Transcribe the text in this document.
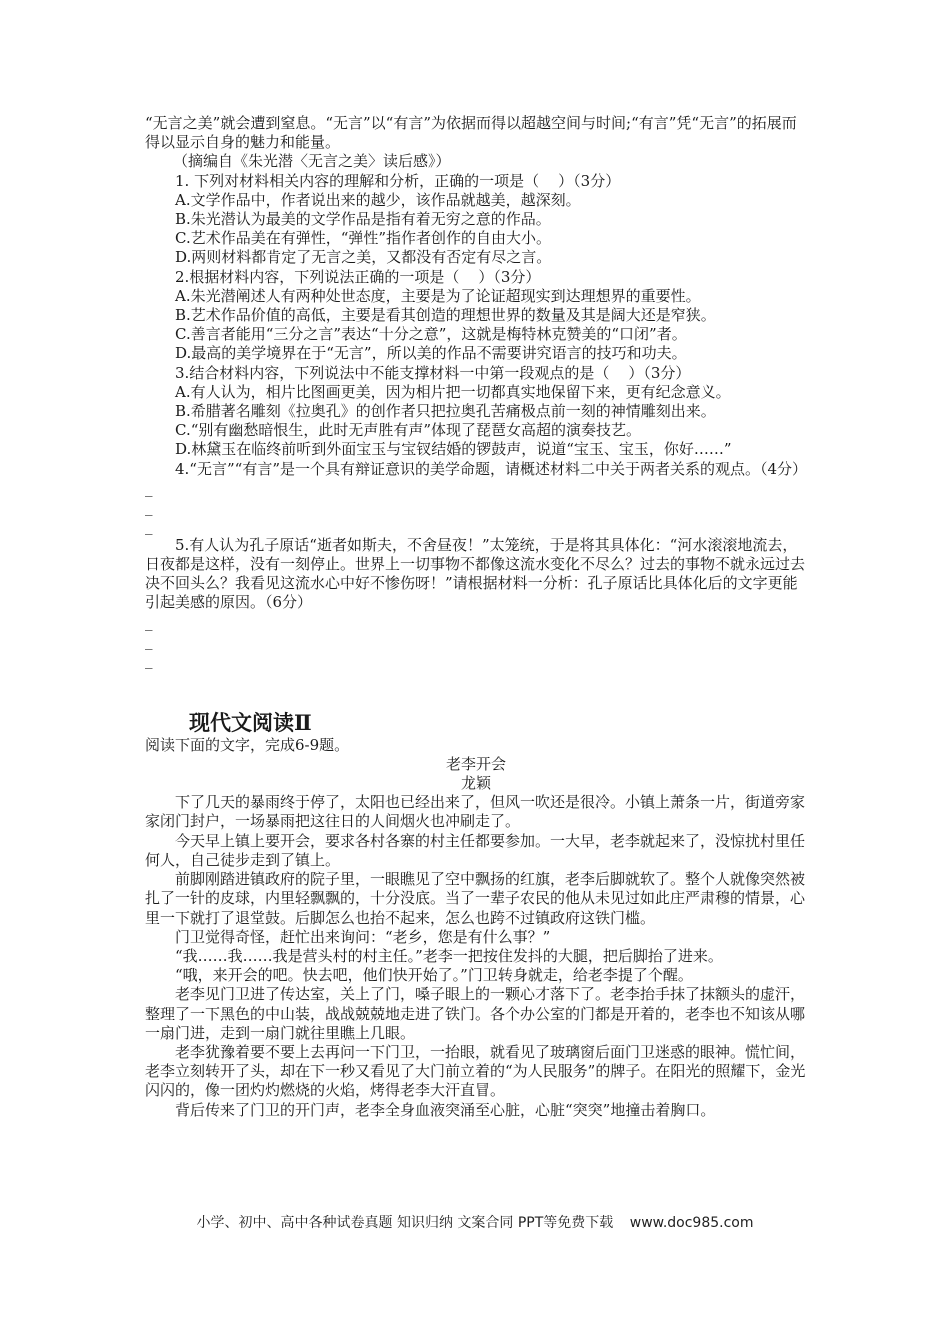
“无言之美”就会遭到窒息。“无言”以“有言”为依据而得以超越空间与时间;“有言”凭“无言”的拓展而得以显示自身的魅力和能量。

（摘编自《朱光潜〈无言之美〉读后感》）

1. 下列对材料相关内容的理解和分析，正确的一项是（    ）（3分）

A.文学作品中，作者说出来的越少，该作品就越美，越深刻。

B.朱光潜认为最美的文学作品是指有着无穷之意的作品。

C.艺术作品美在有弹性，“弹性”指作者创作的自由大小。

D.两则材料都肯定了无言之美，又都没有否定有尽之言。

2.根据材料内容，下列说法正确的一项是（    ）（3分）

A.朱光潜阐述人有两种处世态度，主要是为了论证超现实到达理想界的重要性。

B.艺术作品价值的高低，主要是看其创造的理想世界的数量及其是阔大还是窄狭。

C.善言者能用“三分之言”表达“十分之意”，这就是梅特林克赞美的“口闭”者。

D.最高的美学境界在于“无言”，所以美的作品不需要讲究语言的技巧和功夫。

3.结合材料内容，下列说法中不能支撑材料一中第一段观点的是（    ）（3分）

A.有人认为，相片比图画更美，因为相片把一切都真实地保留下来，更有纪念意义。

B.希腊著名雕刻《拉奥孔》的创作者只把拉奥孔苦痛极点前一刻的神情雕刻出来。

C.“别有幽愁暗恨生，此时无声胜有声”体现了琵琶女高超的演奏技艺。

D.林黛玉在临终前听到外面宝玉与宝钗结婚的锣鼓声，说道“宝玉、宝玉，你好……”

4.“无言”“有言”是一个具有辩证意识的美学命题，请概述材料二中关于两者关系的观点。（4分）

_

_

_

5.有人认为孔子原话“逝者如斯夫，不舍昼夜！”太笼统，于是将其具体化：“河水滚滚地流去，日夜都是这样，没有一刻停止。世界上一切事物不都像这流水变化不尽么？过去的事物不就永远过去决不回头么？我看见这流水心中好不惨伤呀！”请根据材料一分析：孔子原话比具体化后的文字更能引起美感的原因。（6分）

_

_

_

现代文阅读Ⅱ

阅读下面的文字，完成6-9题。

老李开会

龙颖

下了几天的暴雨终于停了，太阳也已经出来了，但风一吹还是很冷。小镇上萧条一片，街道旁家家闭门封户，一场暴雨把这往日的人间烟火也冲刷走了。

今天早上镇上要开会，要求各村各寨的村主任都要参加。一大早，老李就起来了，没惊扰村里任何人，自己徒步走到了镇上。

前脚刚踏进镇政府的院子里，一眼瞧见了空中飘扬的红旗，老李后脚就软了。整个人就像突然被扎了一针的皮球，内里轻飘飘的，十分没底。当了一辈子农民的他从未见过如此庄严肃穆的情景，心里一下就打了退堂鼓。后脚怎么也抬不起来，怎么也跨不过镇政府这铁门槛。

门卫觉得奇怪，赶忙出来询问：“老乡，您是有什么事？”

“我……我……我是营头村的村主任。”老李一把按住发抖的大腿，把后脚抬了进来。

“哦，来开会的吧。快去吧，他们快开始了。”门卫转身就走，给老李提了个醒。

老李见门卫进了传达室，关上了门，嗓子眼上的一颗心才落下了。老李抬手抹了抹额头的虚汗，整理了一下黑色的中山装，战战兢兢地走进了铁门。各个办公室的门都是开着的，老李也不知该从哪一扇门进，走到一扇门就往里瞧上几眼。

老李犹豫着要不要上去再问一下门卫，一抬眼，就看见了玻璃窗后面门卫迷惑的眼神。慌忙间，老李立刻转开了头，却在下一秒又看见了大门前立着的“为人民服务”的牌子。在阳光的照耀下，金光闪闪的，像一团灼灼燃烧的火焰，烤得老李大汗直冒。

背后传来了门卫的开门声，老李全身血液突涌至心脏，心脏“突突”地撞击着胸口。

小学、初中、高中各种试卷真题 知识归纳 文案合同 PPT等免费下载 www.doc985.com
